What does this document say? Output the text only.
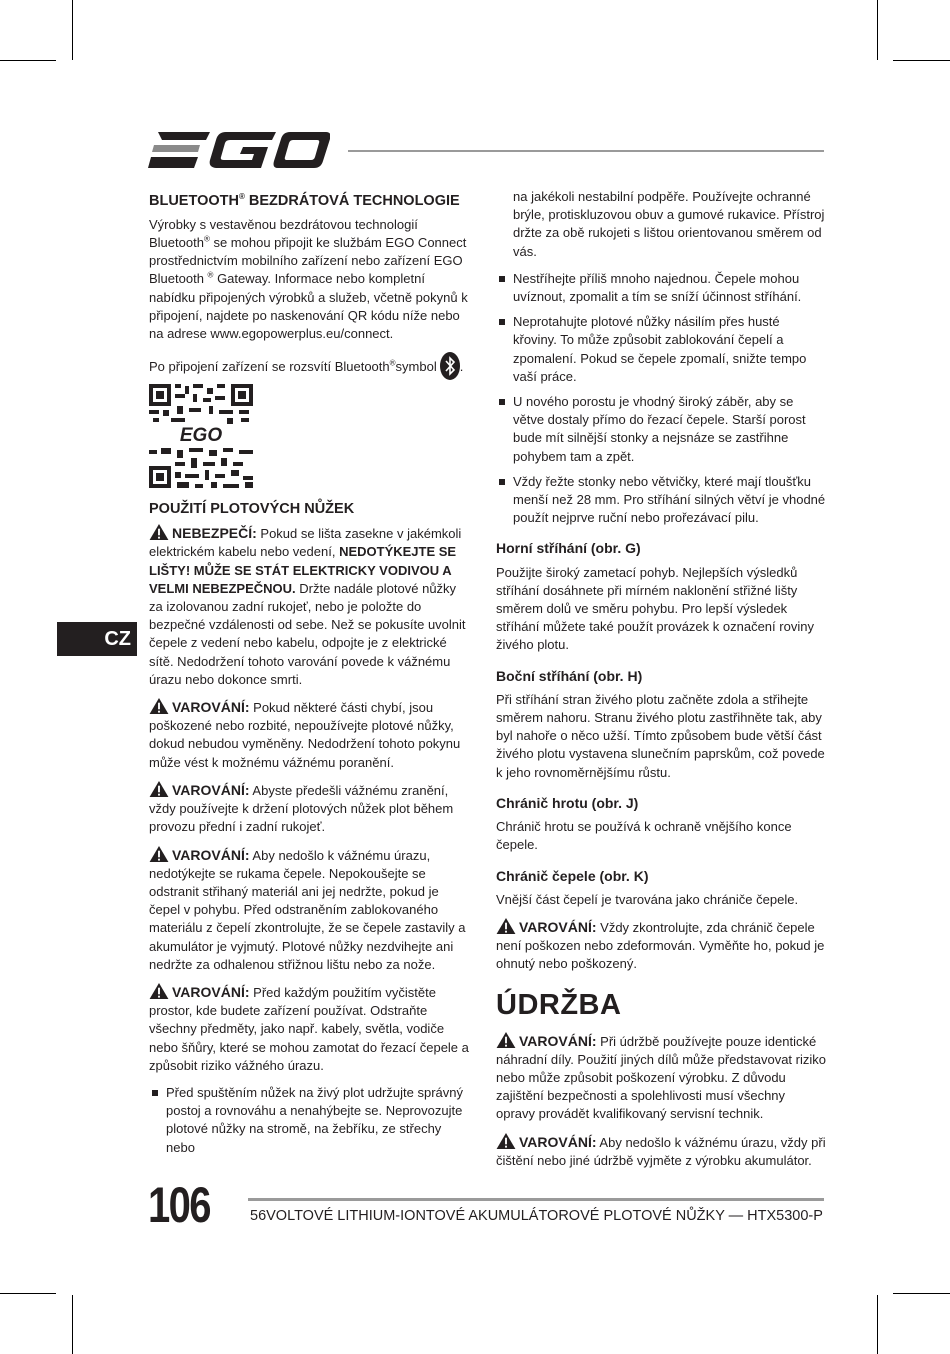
CZ
BLUETOOTH® BEZDRÁTOVÁ TECHNOLOGIE

Výrobky s vestavěnou bezdrátovou technologií Bluetooth® se mohou připojit ke službám EGO Connect prostřednictvím mobilního zařízení nebo zařízení EGO Bluetooth ® Gateway. Informace nebo kompletní nabídku připojených výrobků a služeb, včetně pokynů k připojení, najdete po naskenování QR kódu níže nebo na adrese www.egopowerplus.eu/connect.

Po připojení zařízení se rozsvítí Bluetooth®symbol .

EGO
POUŽITÍ PLOTOVÝCH NŮŽEK

NEBEZPEČÍ: Pokud se lišta zasekne v jakémkoli elektrickém kabelu nebo vedení, NEDOTÝKEJTE SE LIŠTY! MŮŽE SE STÁT ELEKTRICKY VODIVOU A VELMI NEBEZPEČNOU. Držte nadále plotové nůžky za izolovanou zadní rukojeť, nebo je položte do bezpečné vzdálenosti od sebe. Než se pokusíte uvolnit čepele z vedení nebo kabelu, odpojte je z elektrické sítě. Nedodržení tohoto varování povede k vážnému úrazu nebo dokonce smrti.

VAROVÁNÍ: Pokud některé části chybí, jsou poškozené nebo rozbité, nepoužívejte plotové nůžky, dokud nebudou vyměněny. Nedodržení tohoto pokynu může vést k možnému vážnému poranění.

VAROVÁNÍ: Abyste předešli vážnému zranění, vždy používejte k držení plotových nůžek plot během provozu přední i zadní rukojeť.

VAROVÁNÍ: Aby nedošlo k vážnému úrazu, nedotýkejte se rukama čepele. Nepokoušejte se odstranit střihaný materiál ani jej nedržte, pokud je čepel v pohybu. Před odstraněním zablokovaného materiálu z čepelí zkontrolujte, že se čepele zastavily a akumulátor je vyjmutý. Plotové nůžky nezdvihejte ani nedržte za odhalenou střižnou lištu nebo za nože.

VAROVÁNÍ: Před každým použitím vyčistěte prostor, kde budete zařízení používat. Odstraňte všechny předměty, jako např. kabely, světla, vodiče nebo šňůry, které se mohou zamotat do řezací čepele a způsobit riziko vážného úrazu.

Před spuštěním nůžek na živý plot udržujte správný postoj a rovnováhu a nenahýbejte se. Neprovozujte plotové nůžky na stromě, na žebříku, ze střechy nebo

na jakékoli nestabilní podpěře. Používejte ochranné brýle, protiskluzovou obuv a gumové rukavice. Přístroj držte za obě rukojeti s lištou orientovanou směrem od vás.

Nestříhejte příliš mnoho najednou. Čepele mohou uvíznout, zpomalit a tím se sníží účinnost stříhání.
Neprotahujte plotové nůžky násilím přes husté křoviny. To může způsobit zablokování čepelí a zpomalení. Pokud se čepele zpomalí, snižte tempo vaší práce.
U nového porostu je vhodný široký záběr, aby se větve dostaly přímo do řezací čepele. Starší porost bude mít silnější stonky a nejsnáze se zastřihne pohybem tam a zpět.
Vždy řežte stonky nebo větvičky, které mají tloušťku menší než 28 mm. Pro stříhání silných větví je vhodné použít nejprve ruční nebo prořezávací pilu.
Horní stříhání (obr. G)

Použijte široký zametací pohyb. Nejlepších výsledků stříhání dosáhnete při mírném naklonění střižné lišty směrem dolů ve směru pohybu. Pro lepší výsledek stříhání můžete také použít provázek k označení roviny živého plotu.

Boční stříhání (obr. H)

Při stříhání stran živého plotu začněte zdola a střihejte směrem nahoru. Stranu živého plotu zastřihněte tak, aby byl nahoře o něco užší. Tímto způsobem bude větší část živého plotu vystavena slunečním paprskům, což povede k jeho rovnoměrnějšímu růstu.

Chránič hrotu (obr. J)

Chránič hrotu se používá k ochraně vnějšího konce čepele.

Chránič čepele (obr. K)

Vnější část čepelí je tvarována jako chrániče čepele.

VAROVÁNÍ: Vždy zkontrolujte, zda chránič čepele není poškozen nebo zdeformován. Vyměňte ho, pokud je ohnutý nebo poškozený.

ÚDRŽBA

VAROVÁNÍ: Při údržbě používejte pouze identické náhradní díly. Použití jiných dílů může představovat riziko nebo může způsobit poškození výrobku. Z důvodu zajištění bezpečnosti a spolehlivosti musí všechny opravy provádět kvalifikovaný servisní technik.

VAROVÁNÍ: Aby nedošlo k vážnému úrazu, vždy při čištění nebo jiné údržbě vyjměte z výrobku akumulátor.

106	56VOLTOVÉ LITHIUM-IONTOVÉ AKUMULÁTOROVÉ PLOTOVÉ NŮŽKY — HTX5300-P
